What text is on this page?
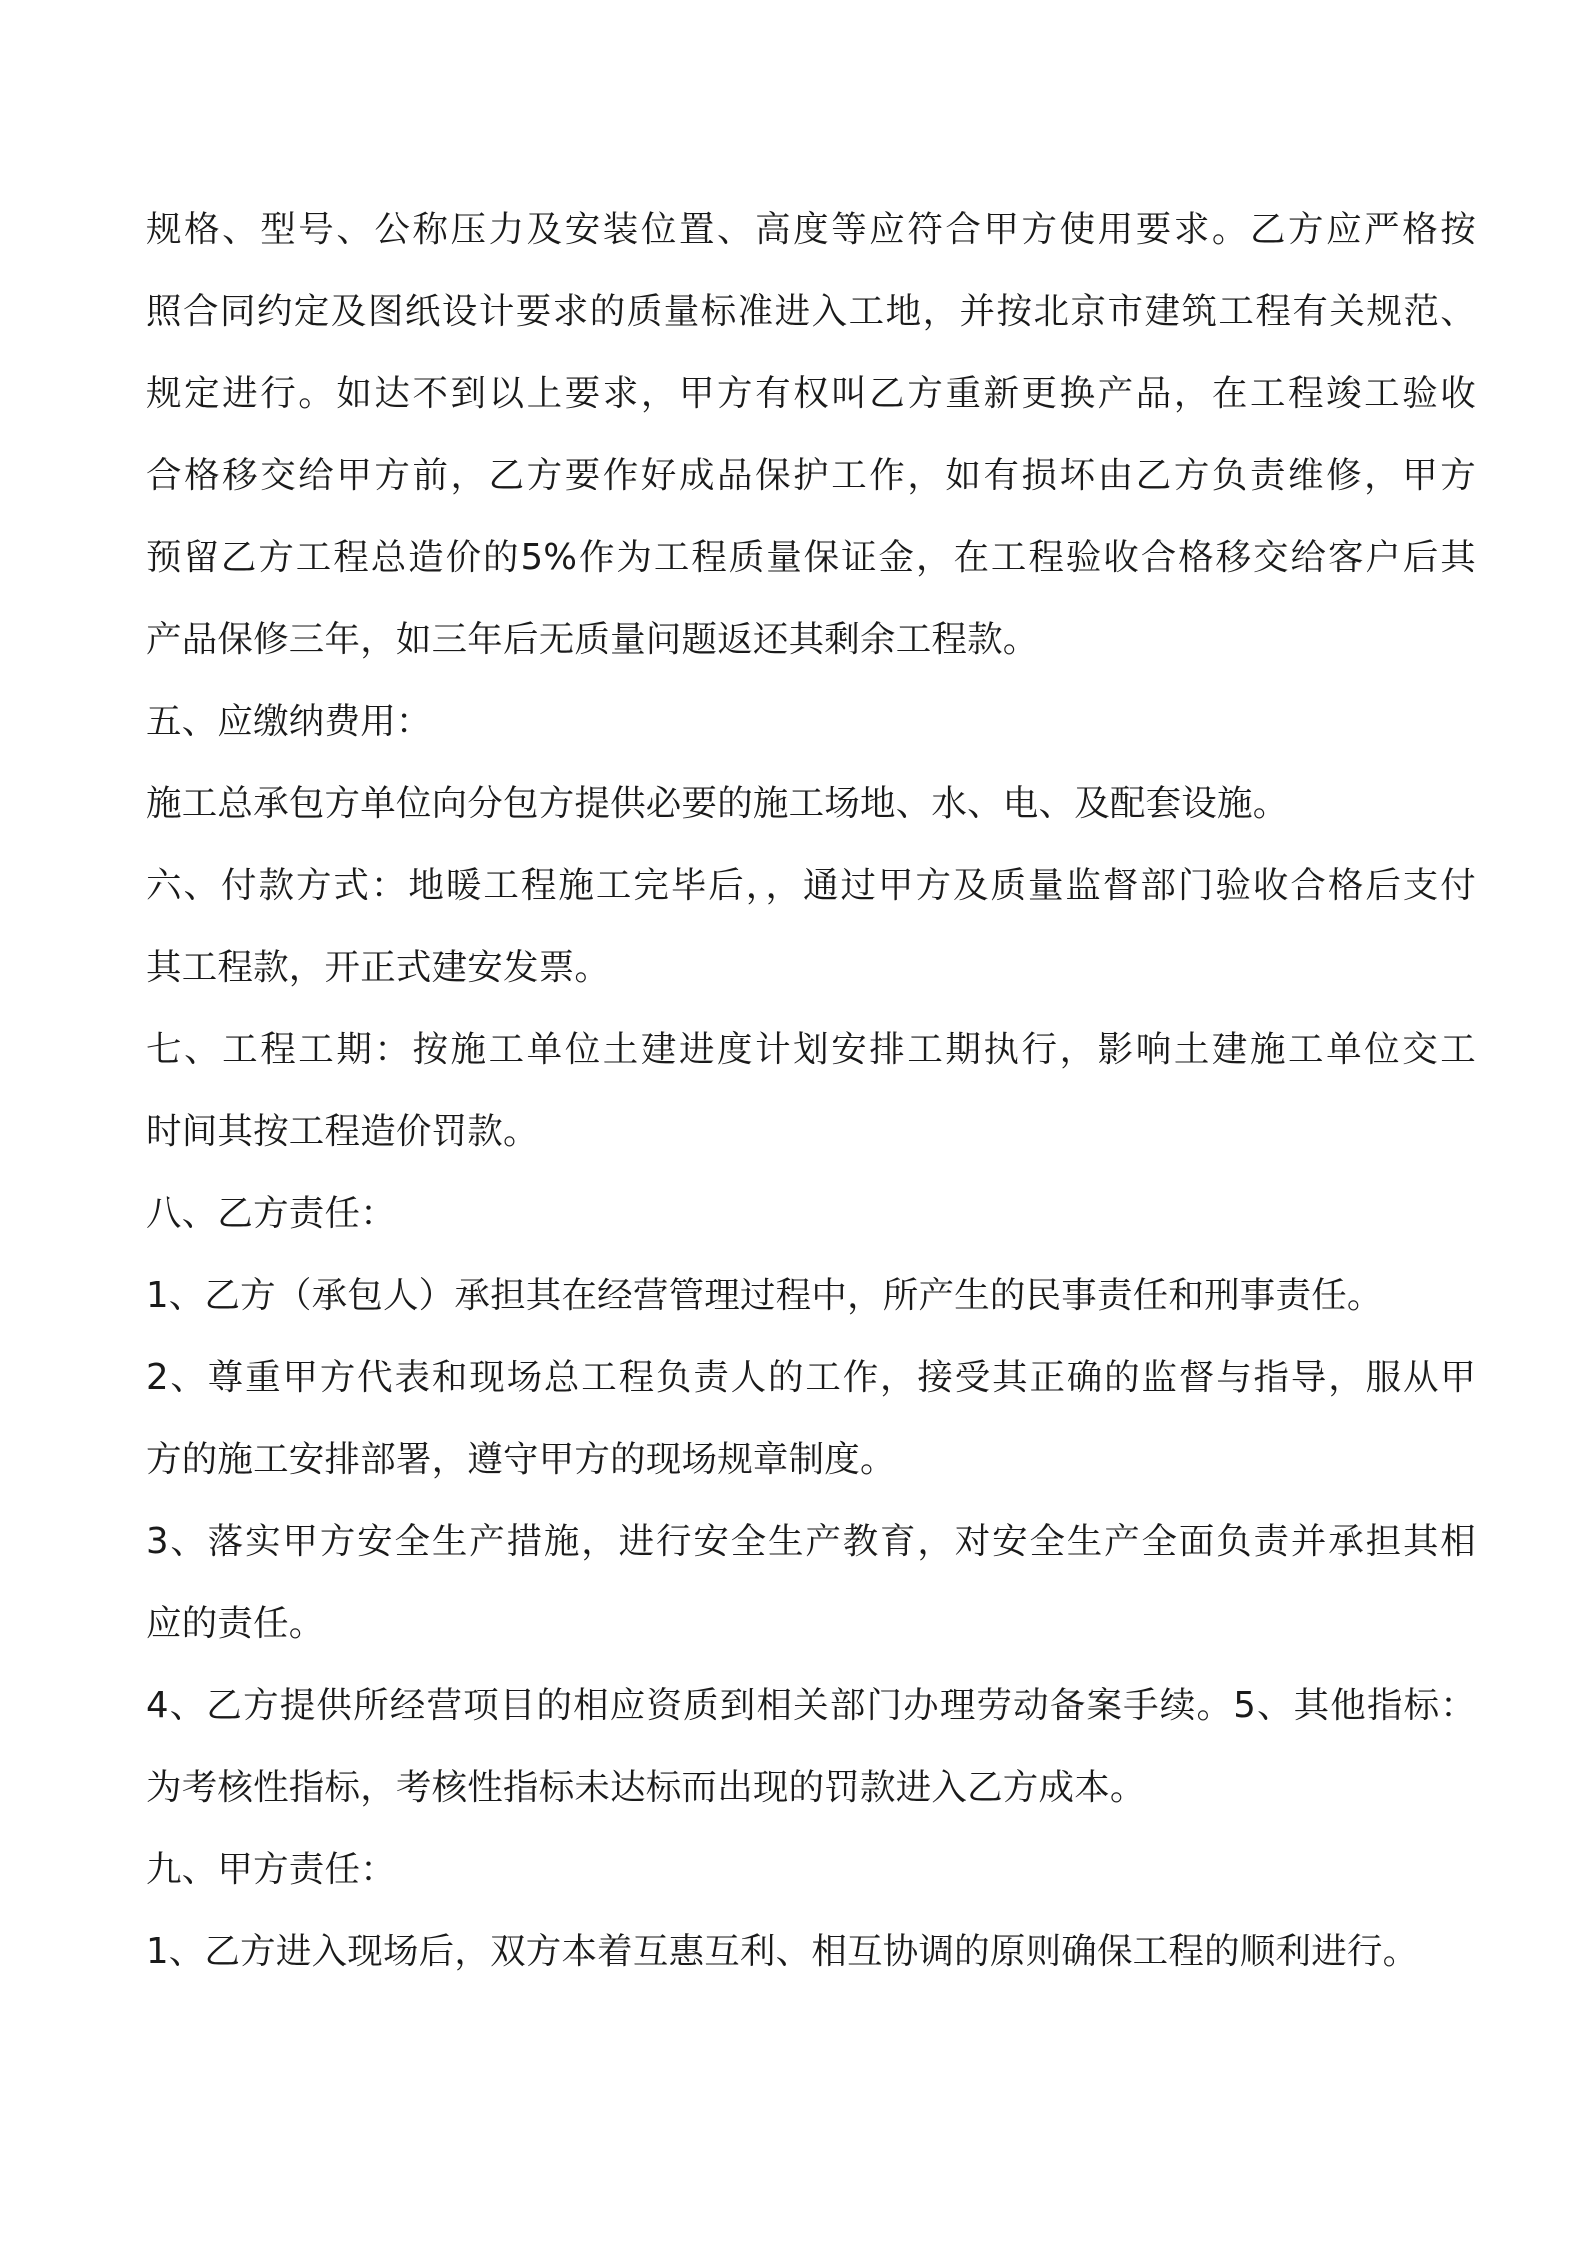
规格、型号、公称压力及安装位置、高度等应符合甲方使用要求。乙方应严格按
照合同约定及图纸设计要求的质量标准进入工地，并按北京市建筑工程有关规范、
规定进行。如达不到以上要求，甲方有权叫乙方重新更换产品，在工程竣工验收
合格移交给甲方前，乙方要作好成品保护工作，如有损坏由乙方负责维修，甲方
预留乙方工程总造价的5%作为工程质量保证金，在工程验收合格移交给客户后其
产品保修三年，如三年后无质量问题返还其剩余工程款。
五、应缴纳费用：
施工总承包方单位向分包方提供必要的施工场地、水、电、及配套设施。
六、付款方式：地暖工程施工完毕后，，通过甲方及质量监督部门验收合格后支付
其工程款，开正式建安发票。
七、工程工期：按施工单位土建进度计划安排工期执行，影响土建施工单位交工
时间其按工程造价罚款。
八、乙方责任：
1、乙方（承包人）承担其在经营管理过程中，所产生的民事责任和刑事责任。
2、尊重甲方代表和现场总工程负责人的工作，接受其正确的监督与指导，服从甲
方的施工安排部署，遵守甲方的现场规章制度。
3、落实甲方安全生产措施，进行安全生产教育，对安全生产全面负责并承担其相
应的责任。
4、乙方提供所经营项目的相应资质到相关部门办理劳动备案手续。5、其他指标：
为考核性指标，考核性指标未达标而出现的罚款进入乙方成本。
九、甲方责任：
1、乙方进入现场后，双方本着互惠互利、相互协调的原则确保工程的顺利进行。
